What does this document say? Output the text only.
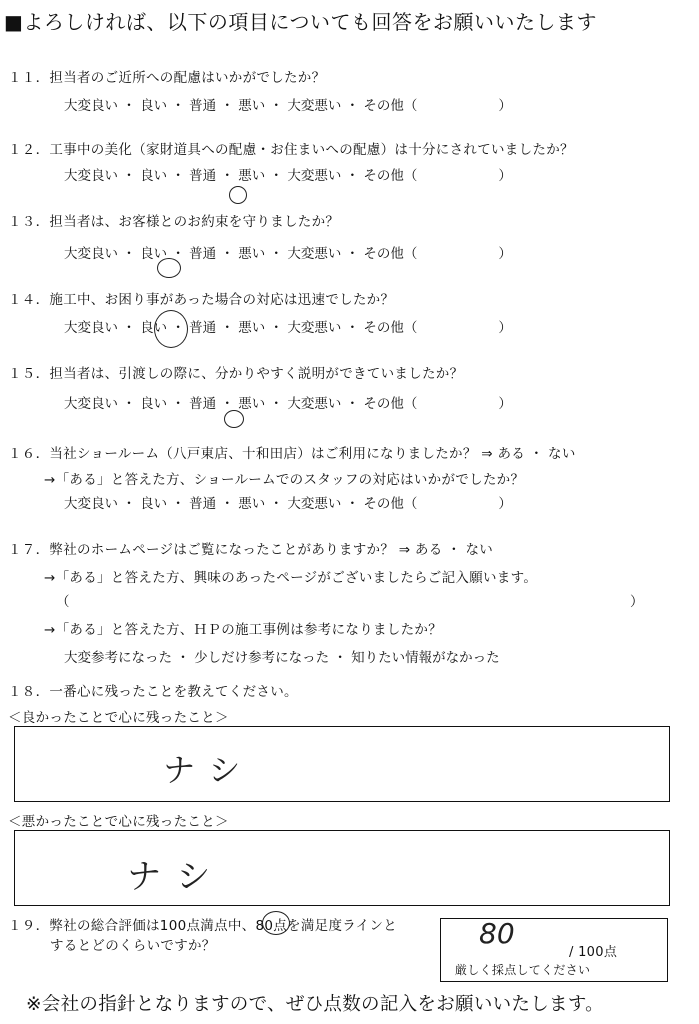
■よろしければ、以下の項目についても回答をお願いいたします
１１．担当者のご近所への配慮はいかがでしたか？
大変良い ・ 良い ・ 普通 ・ 悪い ・ 大変悪い ・ その他（　　　　　　）
１２．工事中の美化（家財道具への配慮・お住まいへの配慮）は十分にされていましたか？
大変良い ・ 良い ・ 普通 ・ 悪い ・ 大変悪い ・ その他（　　　　　　）
１３．担当者は、お客様とのお約束を守りましたか？
大変良い ・ 良い ・ 普通 ・ 悪い ・ 大変悪い ・ その他（　　　　　　）
１４．施工中、お困り事があった場合の対応は迅速でしたか？
大変良い ・ 良い ・ 普通 ・ 悪い ・ 大変悪い ・ その他（　　　　　　）
１５．担当者は、引渡しの際に、分かりやすく説明ができていましたか？
大変良い ・ 良い ・ 普通 ・ 悪い ・ 大変悪い ・ その他（　　　　　　）
１６．当社ショールーム（八戸東店、十和田店）はご利用になりましたか？ ⇒ ある ・ ない
→「ある」と答えた方、ショールームでのスタッフの対応はいかがでしたか？
大変良い ・ 良い ・ 普通 ・ 悪い ・ 大変悪い ・ その他（　　　　　　）
１７．弊社のホームページはご覧になったことがありますか？ ⇒ ある ・ ない
→「ある」と答えた方、興味のあったページがございましたらご記入願います。
（	）
→「ある」と答えた方、ＨＰの施工事例は参考になりましたか？
大変参考になった ・ 少しだけ参考になった ・ 知りたい情報がなかった
１８．一番心に残ったことを教えてください。
＜良かったことで心に残ったこと＞
ナシ
＜悪かったことで心に残ったこと＞
ナシ
１９．弊社の総合評価は100点満点中、80点を満足度ラインと
するとどのくらいですか？	80
/ 100点
厳しく採点してください
※会社の指針となりますので、ぜひ点数の記入をお願いいたします。
